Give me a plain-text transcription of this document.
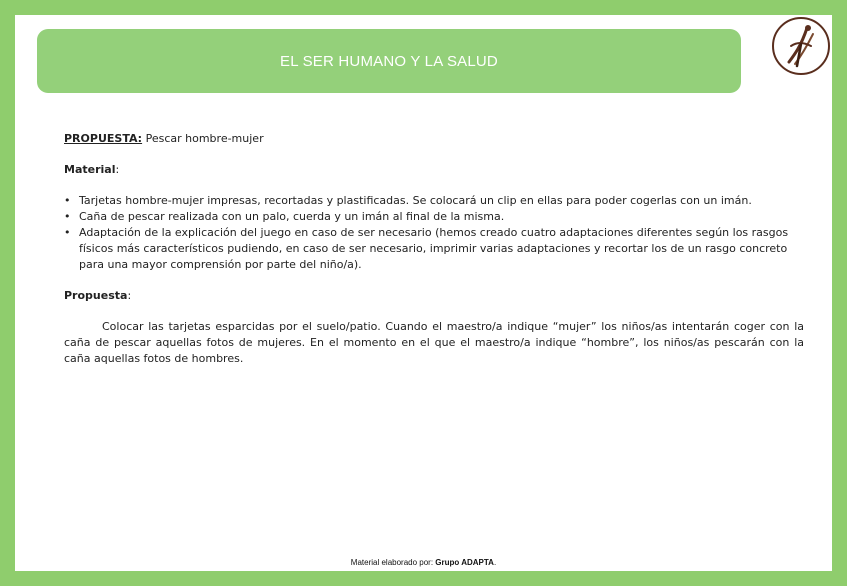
EL SER HUMANO Y LA SALUD

PROPUESTA: Pescar hombre-mujer

Material:

• Tarjetas hombre-mujer impresas, recortadas y plastificadas. Se colocará un clip en ellas para poder cogerlas con un imán.
• Caña de pescar realizada con un palo, cuerda y un imán al final de la misma.
• Adaptación de la explicación del juego en caso de ser necesario (hemos creado cuatro adaptaciones diferentes según los rasgos físicos más característicos pudiendo, en caso de ser necesario, imprimir varias adaptaciones y recortar los de un rasgo concreto para una mayor comprensión por parte del niño/a).

Propuesta:

Colocar las tarjetas esparcidas por el suelo/patio. Cuando el maestro/a indique “mujer” los niños/as intentarán coger con la caña de pescar aquellas fotos de mujeres. En el momento en el que el maestro/a indique “hombre”, los niños/as pescarán con la caña aquellas fotos de hombres.

Material elaborado por: Grupo ADAPTA.
